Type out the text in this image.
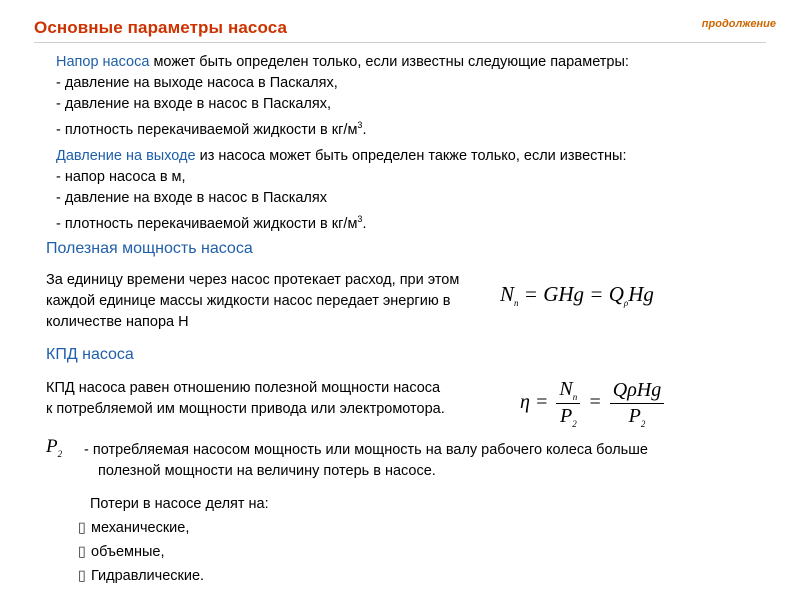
Основные параметры насоса	продолжение
Напор насоса может быть определен только, если известны следующие параметры:
- давление на выходе насоса в Паскалях,
- давление на входе в насос в Паскалях,
- плотность перекачиваемой жидкости в $кг/м^3$.
Давление на выходе из насоса может быть определен также только, если известны:
- напор насоса в м,
- давление на входе в насос в Паскалях
- плотность перекачиваемой жидкости в $кг/м^3$.
Полезная мощность насоса
За единицу времени через насос протекает расход, при этом
каждой единице массы жидкости насос передает энергию в
количестве напора H
$N_п$ = GHg = $Q_\rho Hg$
КПД насоса
КПД насоса равен отношению полезной мощности насоса
к потребляемой им мощности привода или электромотора.	$\eta = \frac{N_п}{P_2} = \frac{\text{QρHg}}{P_2}$
$P_2$ - потребляемая насосом мощность или мощность на валу рабочего колеса больше
полезной мощности на величину потерь в насосе.
Потери в насосе делят на:
▯ механические,
▯ объемные,
▯ Гидравлические.
